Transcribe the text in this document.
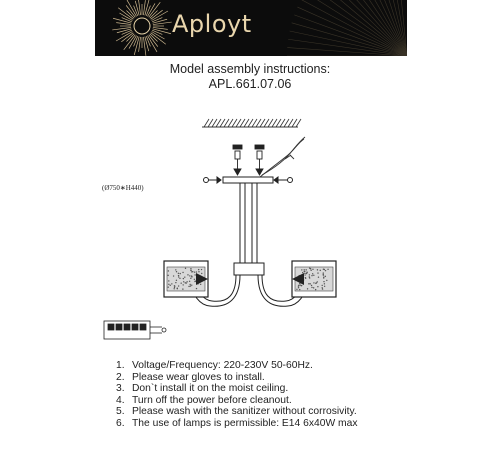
Aployt
Model assembly instructions:
APL.661.07.06
(Ø750∗H440)
1. Voltage/Frequency: 220-230V 50-60Hz.
2. Please wear gloves to install.
3. Don`t install it on the moist ceiling.
4. Turn off the power before cleanout.
5. Please wash with the sanitizer without corrosivity.
6. The use of lamps is permissible: E14 6x40W max
